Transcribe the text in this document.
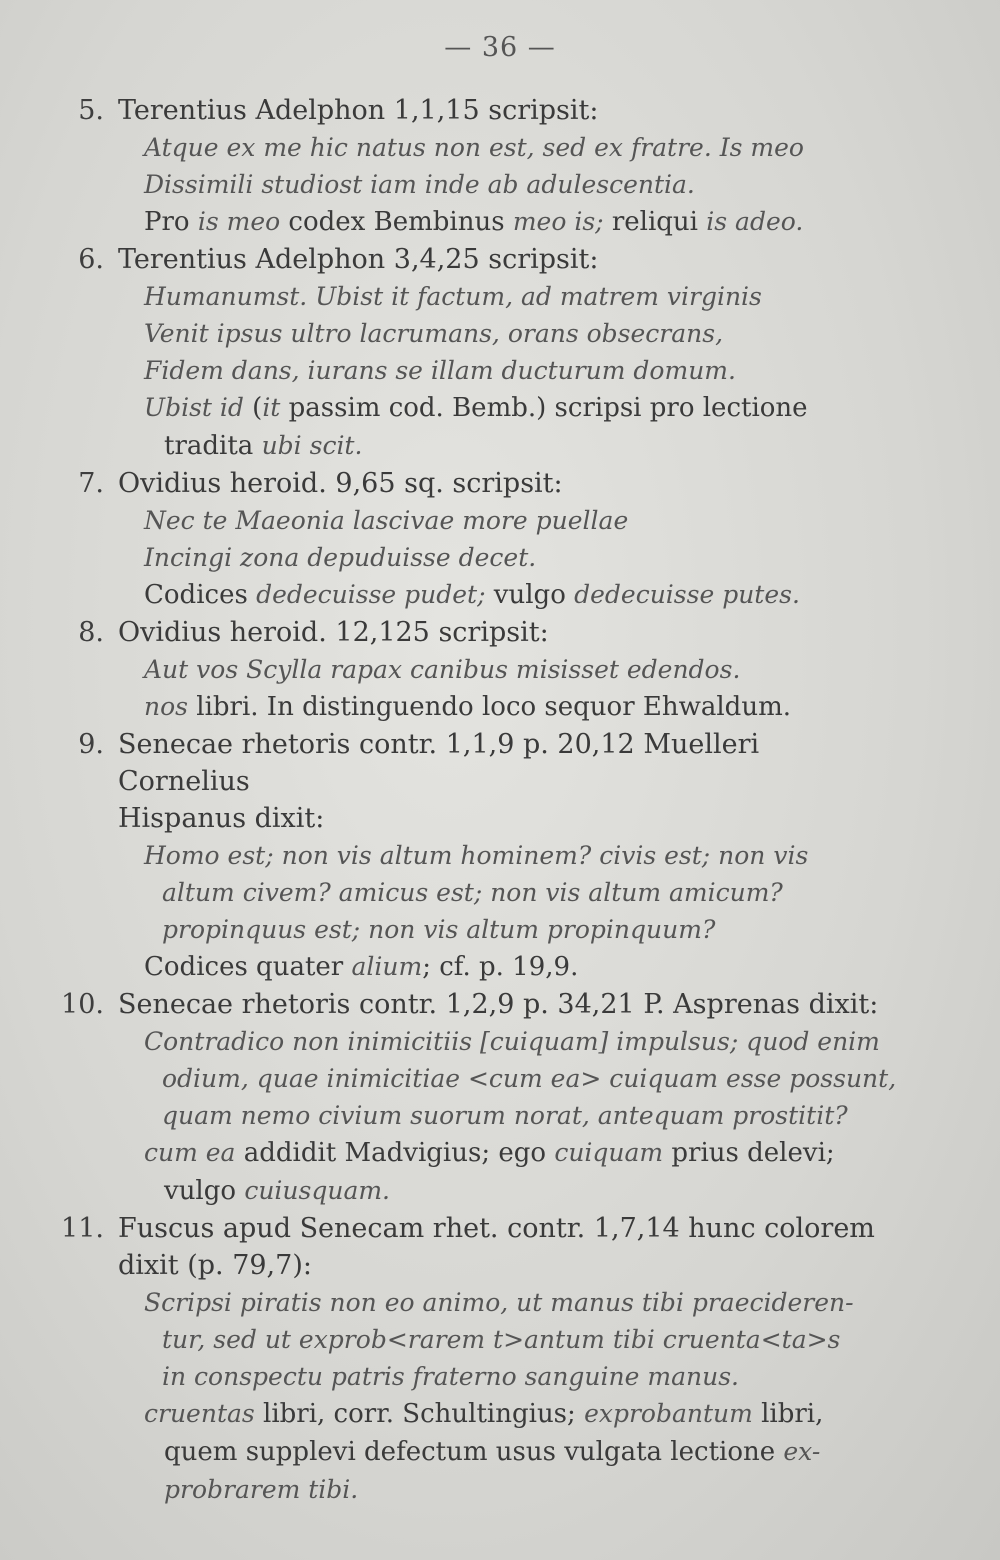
— 36 —
5. Terentius Adelphon 1,1,15 scripsit:
Atque ex me hic natus non est, sed ex fratre. Is meo
Dissimili studiost iam inde ab adulescentia.
Pro is meo codex Bembinus meo is; reliqui is adeo.
6. Terentius Adelphon 3,4,25 scripsit:
Humanumst. Ubist it factum, ad matrem virginis
Venit ipsus ultro lacrumans, orans obsecrans,
Fidem dans, iurans se illam ducturum domum.
Ubist id (it passim cod. Bemb.) scripsi pro lectione
tradita ubi scit.
7. Ovidius heroid. 9,65 sq. scripsit:
Nec te Maeonia lascivae more puellae
Incingi zona depuduisse decet.
Codices dedecuisse pudet; vulgo dedecuisse putes.
8. Ovidius heroid. 12,125 scripsit:
Aut vos Scylla rapax canibus misisset edendos.
nos libri. In distinguendo loco sequor Ehwaldum.
9. Senecae rhetoris contr. 1,1,9 p. 20,12 Muelleri Cornelius
Hispanus dixit:
Homo est; non vis altum hominem? civis est; non vis
altum civem? amicus est; non vis altum amicum?
propinquus est; non vis altum propinquum?
Codices quater alium; cf. p. 19,9.
10. Senecae rhetoris contr. 1,2,9 p. 34,21 P. Asprenas dixit:
Contradico non inimicitiis [cuiquam] impulsus; quod enim
odium, quae inimicitiae <cum ea> cuiquam esse possunt,
quam nemo civium suorum norat, antequam prostitit?
cum ea addidit Madvigius; ego cuiquam prius delevi;
vulgo cuiusquam.
11. Fuscus apud Senecam rhet. contr. 1,7,14 hunc colorem
dixit (p. 79,7):
Scripsi piratis non eo animo, ut manus tibi praecideren-
tur, sed ut exprob<rarem t>antum tibi cruenta<ta>s
in conspectu patris fraterno sanguine manus.
cruentas libri, corr. Schultingius; exprobantum libri,
quem supplevi defectum usus vulgata lectione ex-
probrarem tibi.
